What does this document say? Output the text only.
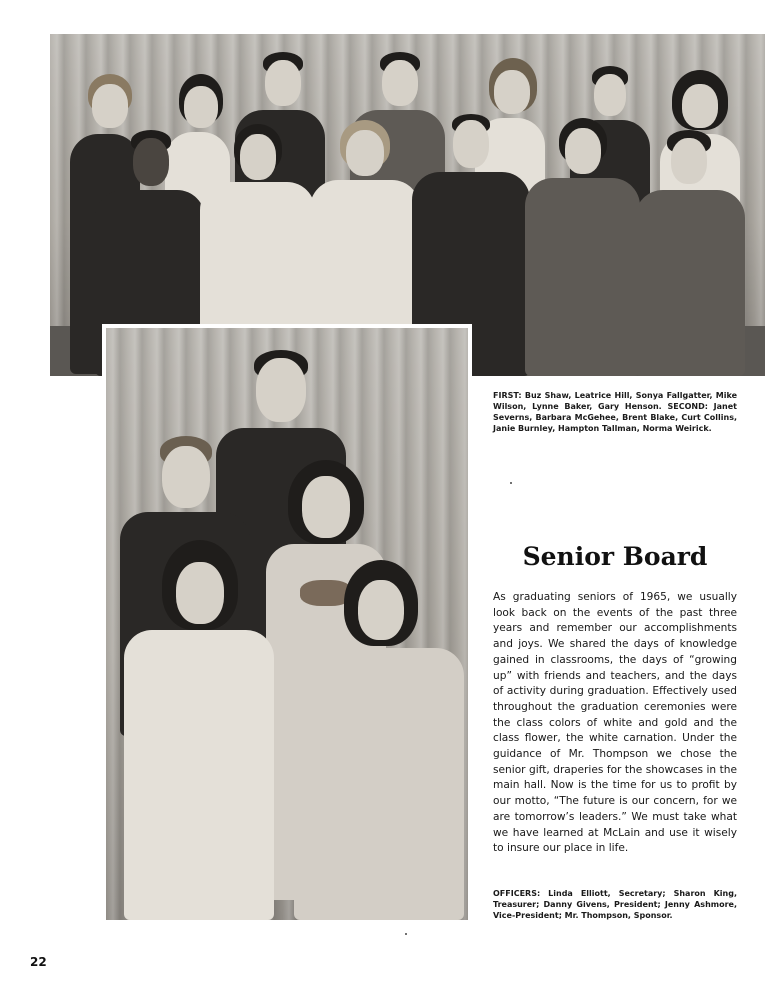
FIRST: Buz Shaw, Leatrice Hill, Sonya Fallgatter, Mike Wilson, Lynne Baker, Gary Henson. SECOND: Janet Severns, Barbara McGehee, Brent Blake, Curt Collins, Janie Burnley, Hampton Tallman, Norma Weirick.

Senior Board

As graduating seniors of 1965, we usually look back on the events of the past three years and remember our accomplishments and joys. We shared the days of knowledge gained in classrooms, the days of “growing up” with friends and teachers, and the days of activity during graduation. Effectively used throughout the graduation ceremonies were the class colors of white and gold and the class flower, the white carnation. Under the guidance of Mr. Thompson we chose the senior gift, draperies for the showcases in the main hall. Now is the time for us to profit by our motto, “The future is our concern, for we are tomorrow’s leaders.” We must take what we have learned at McLain and use it wisely to insure our place in life.

OFFICERS: Linda Elliott, Secretary; Sharon King, Treasurer; Danny Givens, President; Jenny Ashmore, Vice-President; Mr. Thompson, Sponsor.

22
